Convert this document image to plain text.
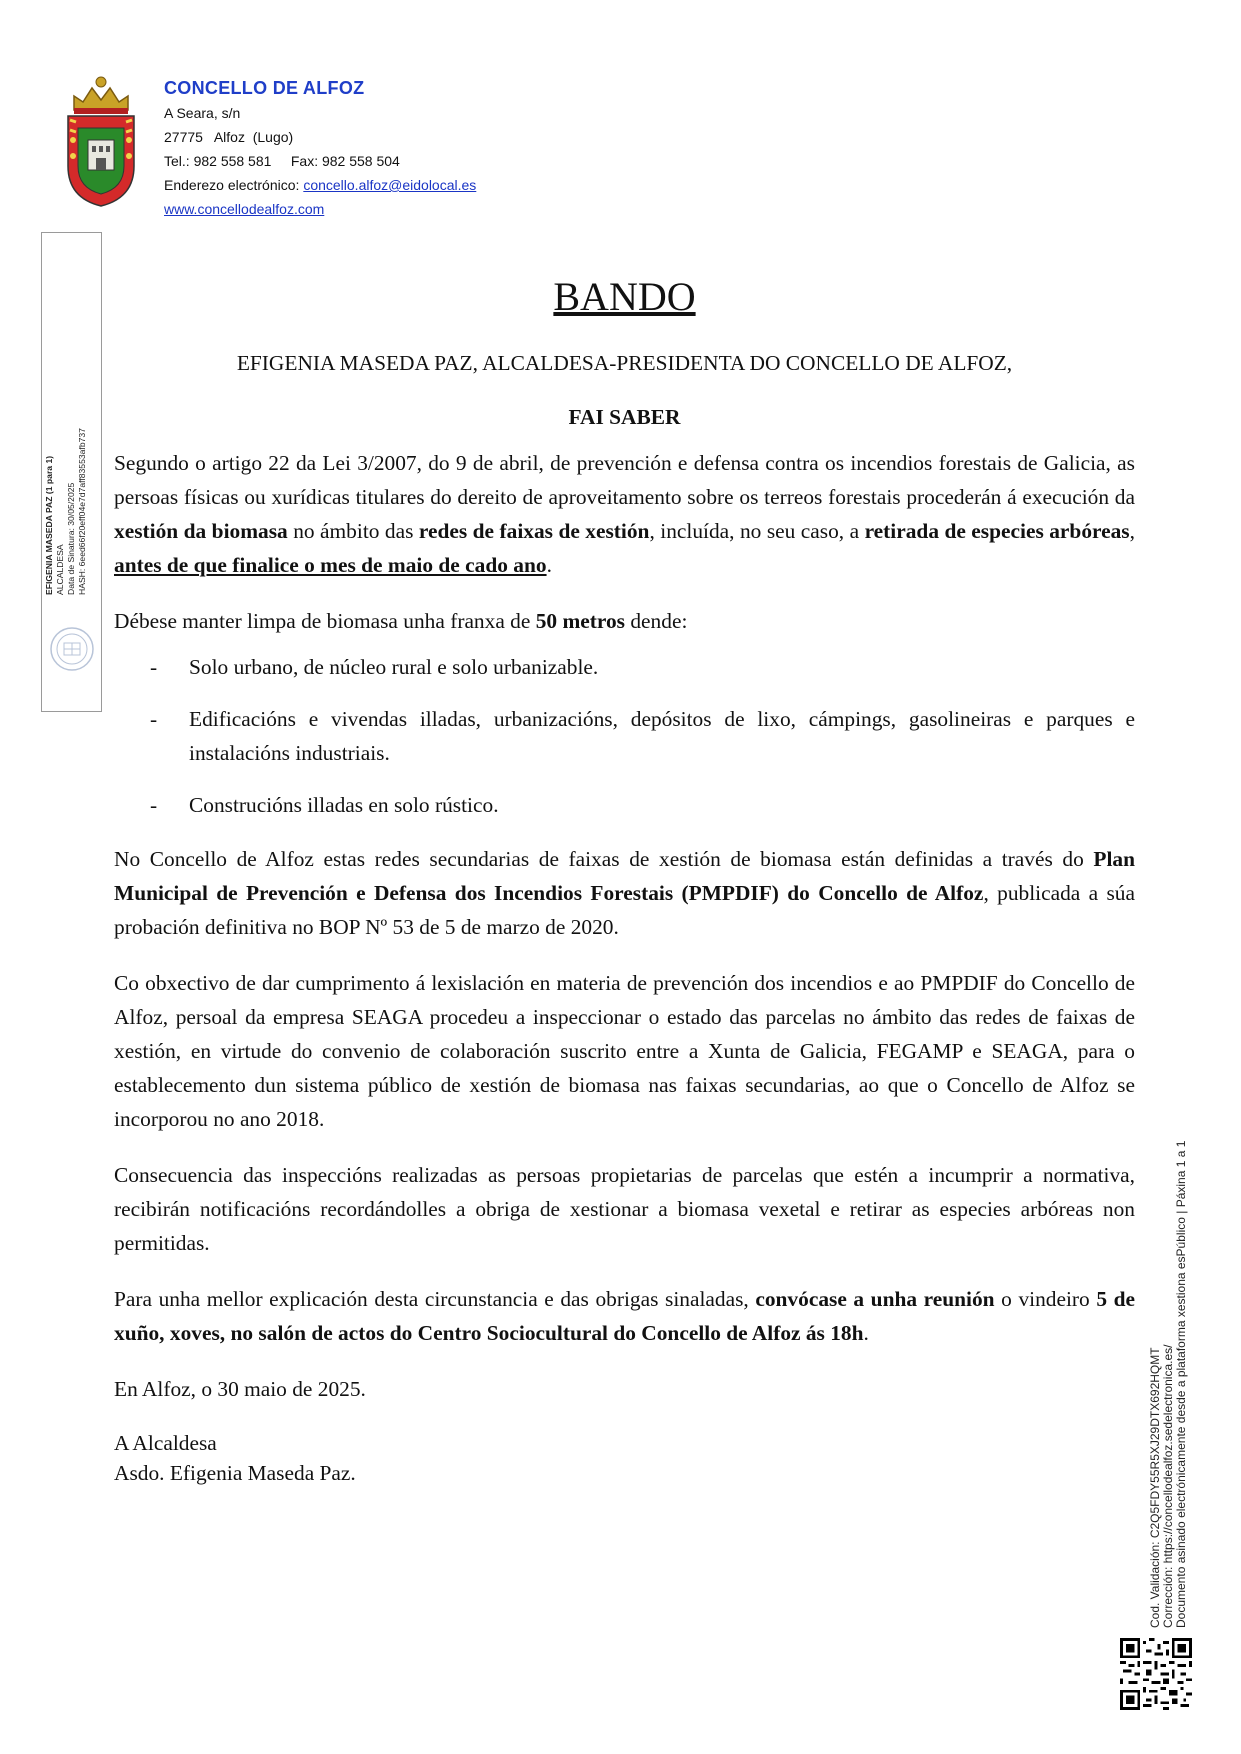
CONCELLO DE ALFOZ
A Seara, s/n
27775   Alfoz  (Lugo)
Tel.: 982 558 581     Fax: 982 558 504
Enderezo electrónico: concello.alfoz@eidolocal.es
www.concellodealfoz.com
EFIGENIA MASEDA PAZ (1 para 1) ALCALDESA Data de Sinatura: 30/05/2025 HASH: 6eed66f20eff04e7d7aff83553afb737
Cod. Validación: C2Q5FDY55R5XJ29DTX692HQMT Corrección: https://concellodealfoz.sedelectronica.es/ Documento asinado electrónicamente desde a plataforma xestiona esPúblico | Páxina 1 a 1
BANDO
EFIGENIA MASEDA PAZ, ALCALDESA-PRESIDENTA DO CONCELLO DE ALFOZ,
FAI SABER

Segundo o artigo 22 da Lei 3/2007, do 9 de abril, de prevención e defensa contra os incendios forestais de Galicia, as persoas físicas ou xurídicas titulares do dereito de aproveitamento sobre os terreos forestais procederán á execución da xestión da biomasa no ámbito das redes de faixas de xestión, incluída, no seu caso, a retirada de especies arbóreas, antes de que finalice o mes de maio de cado ano.

Débese manter limpa de biomasa unha franxa de 50 metros dende:

-	Solo urbano, de núcleo rural e solo urbanizable.
-	Edificacións e vivendas illadas, urbanizacións, depósitos de lixo, cámpings, gasolineiras e parques e instalacións industriais.
-	Construcións illadas en solo rústico.

No Concello de Alfoz estas redes secundarias de faixas de xestión de biomasa están definidas a través do Plan Municipal de Prevención e Defensa dos Incendios Forestais (PMPDIF) do Concello de Alfoz, publicada a súa probación definitiva no BOP Nº 53 de 5 de marzo de 2020.

Co obxectivo de dar cumprimento á lexislación en materia de prevención dos incendios e ao PMPDIF do Concello de Alfoz, persoal da empresa SEAGA procedeu a inspeccionar o estado das parcelas no ámbito das redes de faixas de xestión, en virtude do convenio de colaboración suscrito entre a Xunta de Galicia, FEGAMP e SEAGA, para o establecemento dun sistema público de xestión de biomasa nas faixas secundarias, ao que o Concello de Alfoz se incorporou no ano 2018.

Consecuencia das inspeccións realizadas as persoas propietarias de parcelas que estén a incumprir a normativa, recibirán notificacións recordándolles a obriga de xestionar a biomasa vexetal e retirar as especies arbóreas non permitidas.

Para unha mellor explicación desta circunstancia e das obrigas sinaladas, convócase a unha reunión o vindeiro 5 de xuño, xoves, no salón de actos do Centro Sociocultural do Concello de Alfoz ás 18h.

En Alfoz, o 30 maio de 2025.

A Alcaldesa
Asdo. Efigenia Maseda Paz.
